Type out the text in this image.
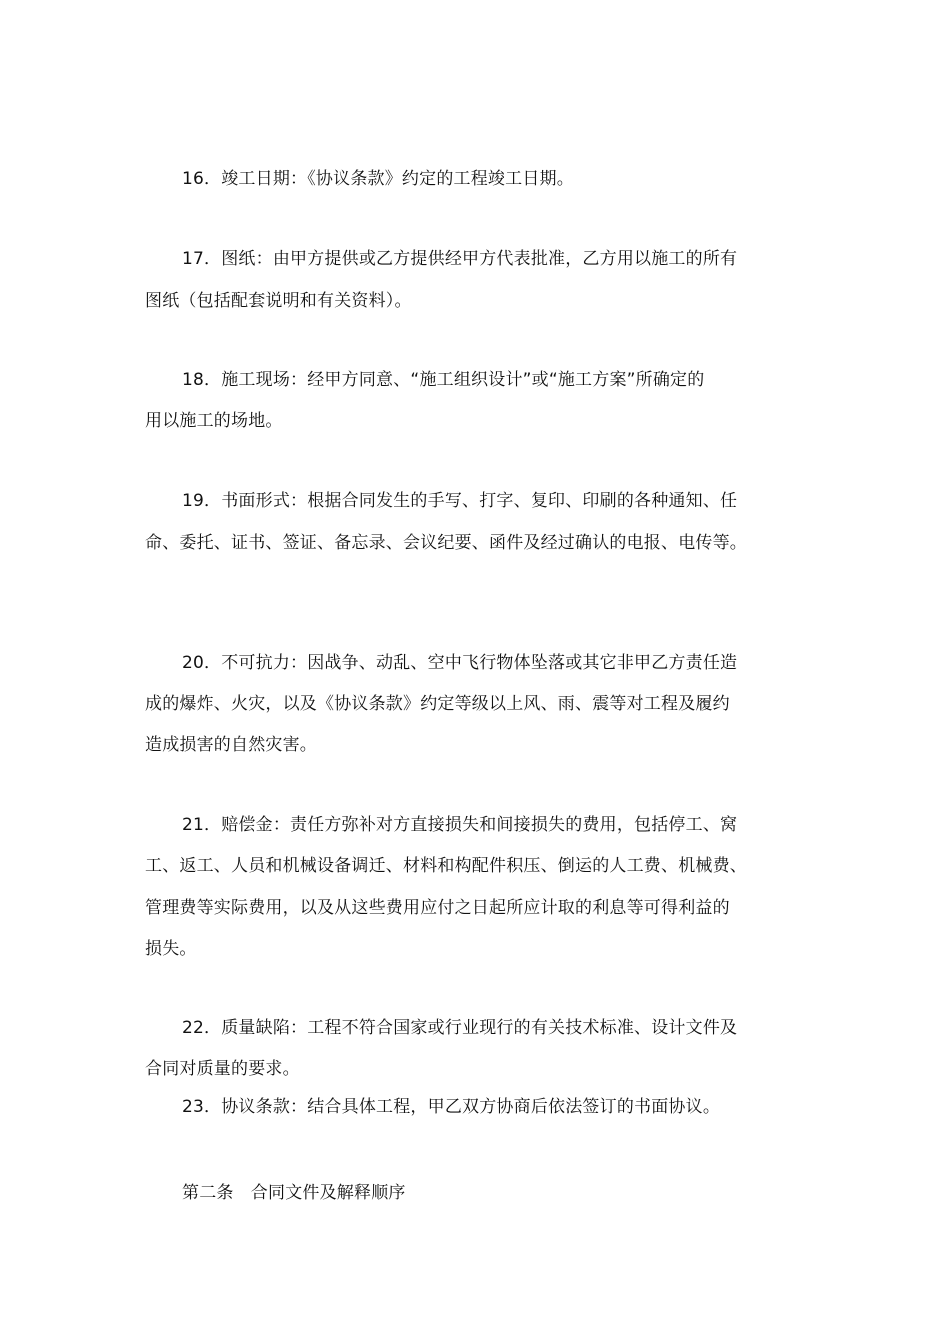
16．竣工日期：《协议条款》约定的工程竣工日期。
17．图纸：由甲方提供或乙方提供经甲方代表批准，乙方用以施工的所有
图纸（包括配套说明和有关资料）。
18．施工现场：经甲方同意、“施工组织设计”或“施工方案”所确定的
用以施工的场地。
19．书面形式：根据合同发生的手写、打字、复印、印刷的各种通知、任
命、委托、证书、签证、备忘录、会议纪要、函件及经过确认的电报、电传等。
20．不可抗力：因战争、动乱、空中飞行物体坠落或其它非甲乙方责任造
成的爆炸、火灾，以及《协议条款》约定等级以上风、雨、震等对工程及履约
造成损害的自然灾害。
21．赔偿金：责任方弥补对方直接损失和间接损失的费用，包括停工、窝
工、返工、人员和机械设备调迁、材料和构配件积压、倒运的人工费、机械费、
管理费等实际费用，以及从这些费用应付之日起所应计取的利息等可得利益的
损失。
22．质量缺陷：工程不符合国家或行业现行的有关技术标准、设计文件及
合同对质量的要求。
23．协议条款：结合具体工程，甲乙双方协商后依法签订的书面协议。
第二条　合同文件及解释顺序
